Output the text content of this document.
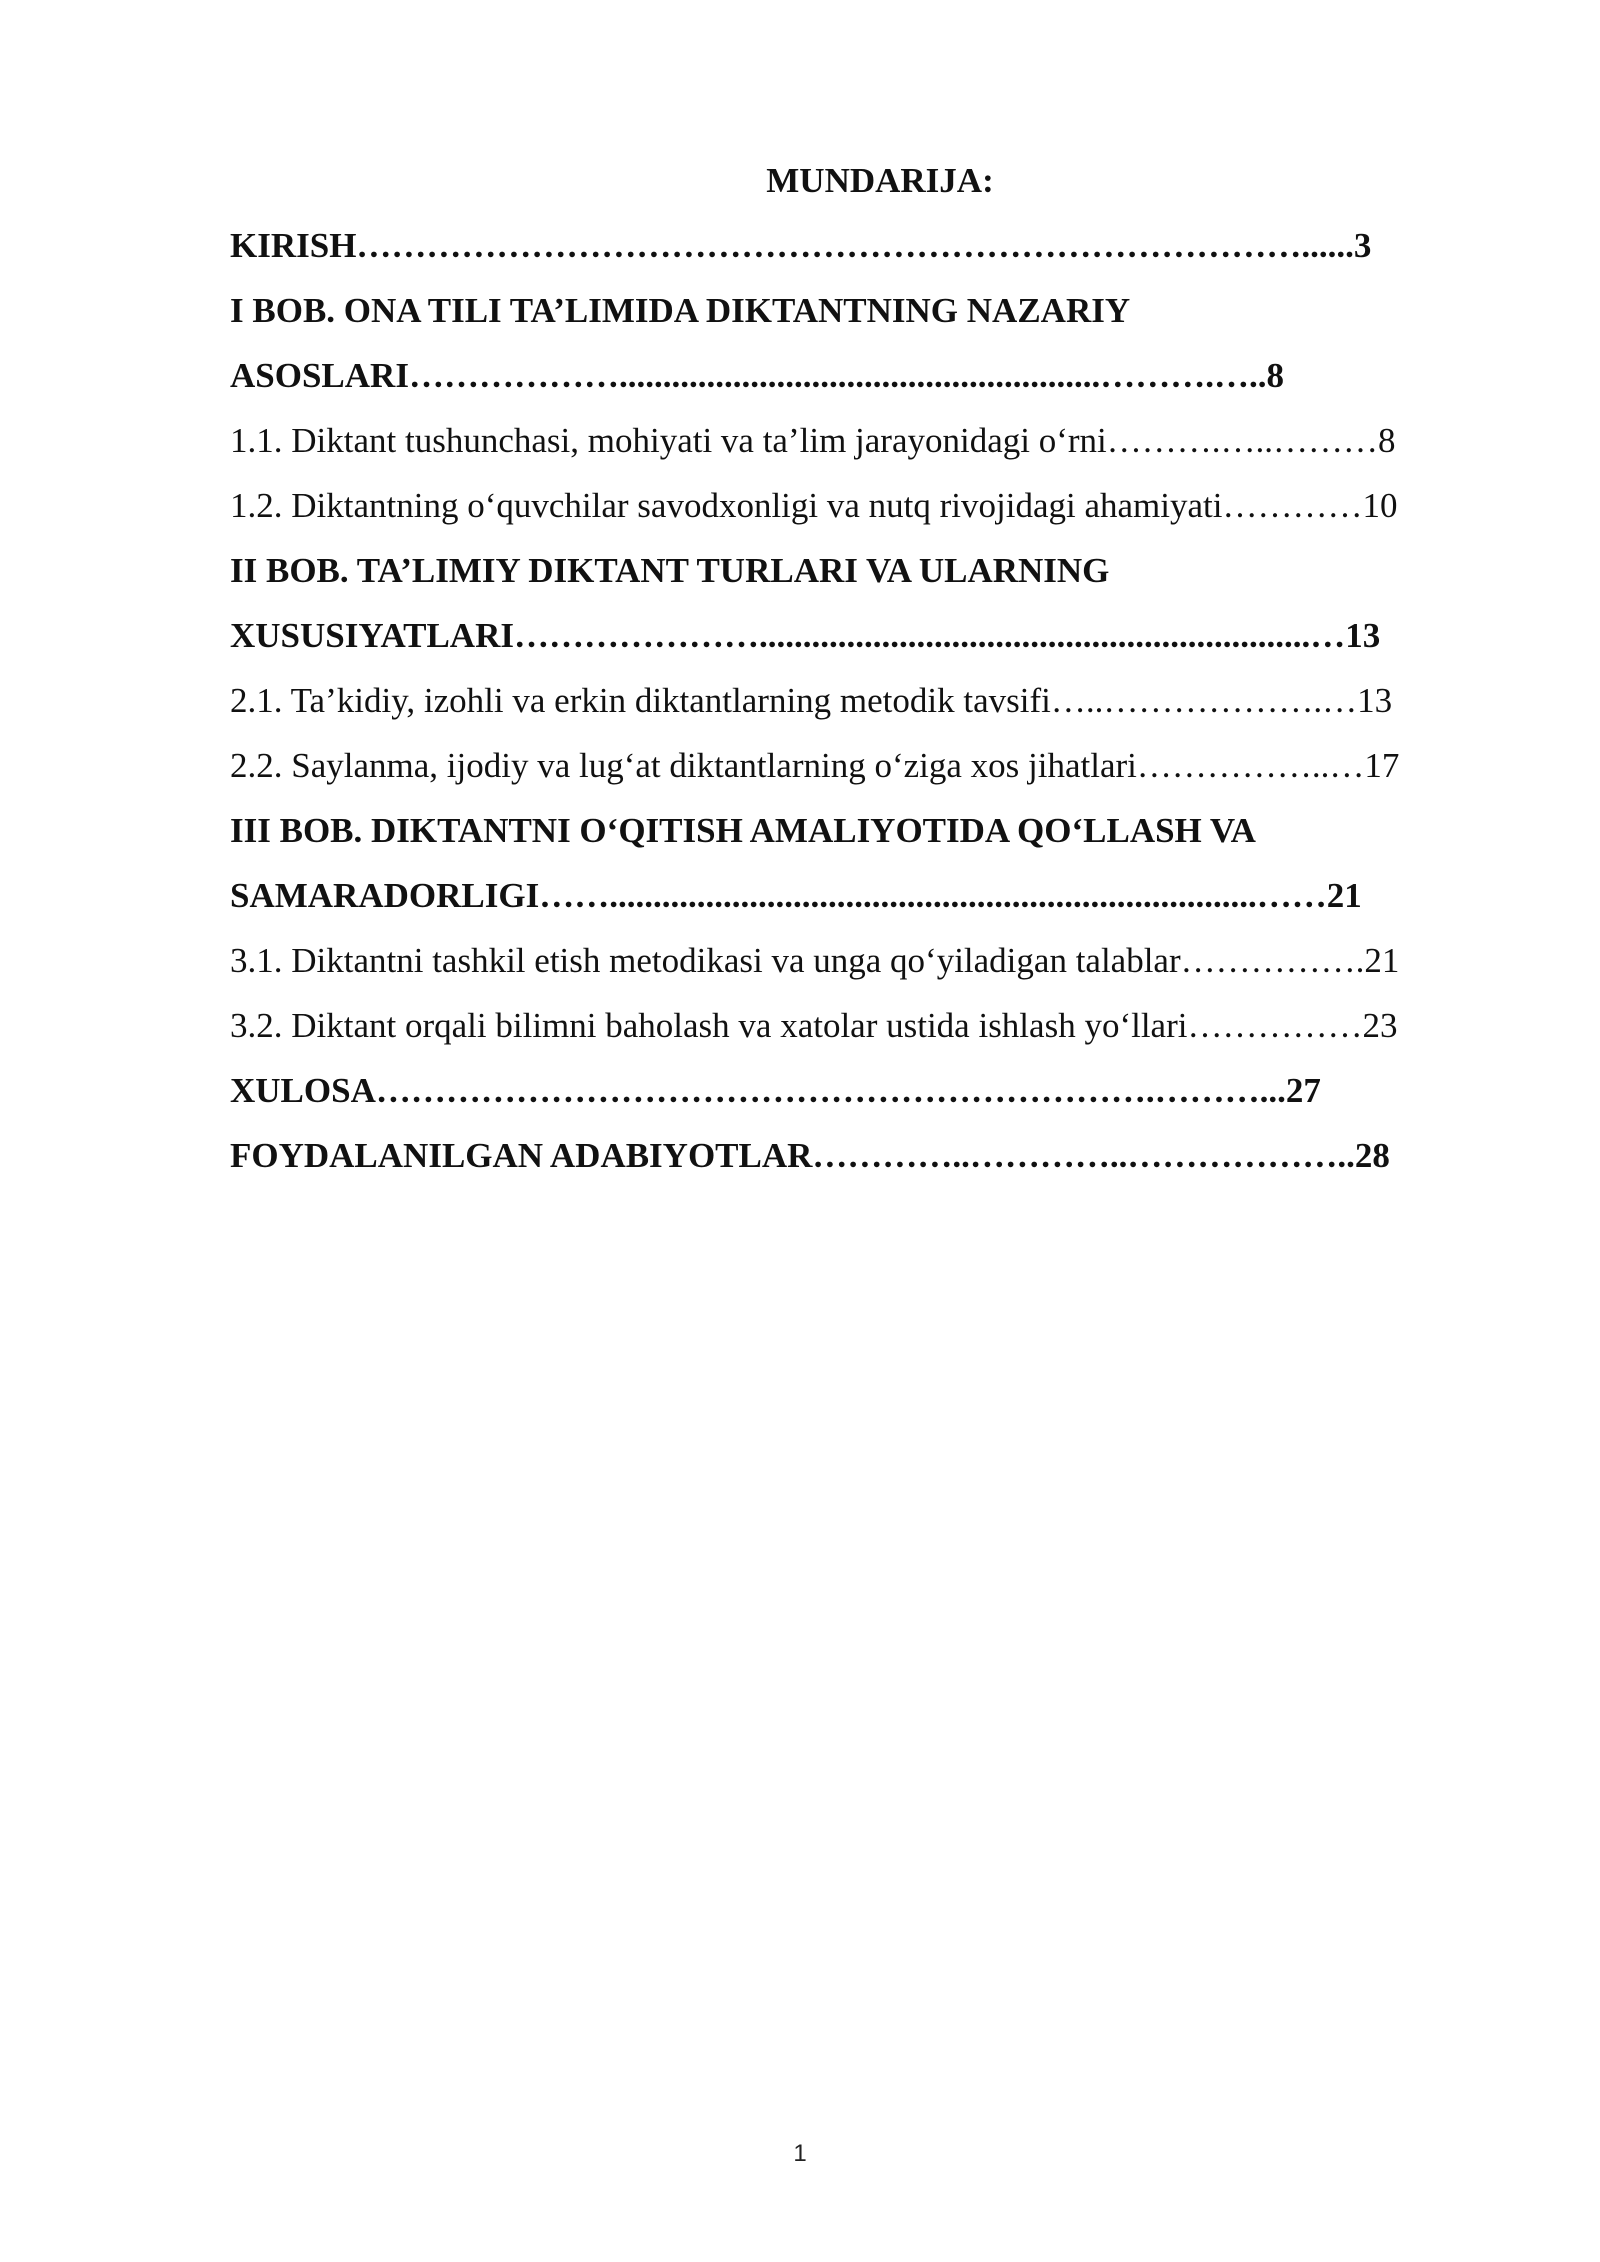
MUNDARIJA:
KIRISH………………………………………………………………………......3
I BOB. ONA TILI TA’LIMIDA DIKTANTNING NAZARIY
ASOSLARI……………….......................................................……….…..8
1.1. Diktant tushunchasi, mohiyati va ta’lim jarayonidagi o‘rni……….…..………8
1.2. Diktantning o‘quvchilar savodxonligi va nutq rivojidagi ahamiyati…………10
II BOB. TA’LIMIY DIKTANT TURLARI VA ULARNING
XUSUSIYATLARI…………………...............................................................…13
2.1. Ta’kidiy, izohli va erkin diktantlarning metodik tavsifi…..……………….…13
2.2. Saylanma, ijodiy va lug‘at diktantlarning o‘ziga xos jihatlari……………..…17
III BOB. DIKTANTNI O‘QITISH AMALIYOTIDA QO‘LLASH VA
SAMARADORLIGI……..........................................................................……21
3.1. Diktantni tashkil etish metodikasi va unga qo‘yiladigan talablar…………….21
3.2. Diktant orqali bilimni baholash va xatolar ustida ishlash yo‘llari……………23
XULOSA………………………………………………………….………...27
FOYDALANILGAN ADABIYOTLAR…………..…………..………………..28
1
